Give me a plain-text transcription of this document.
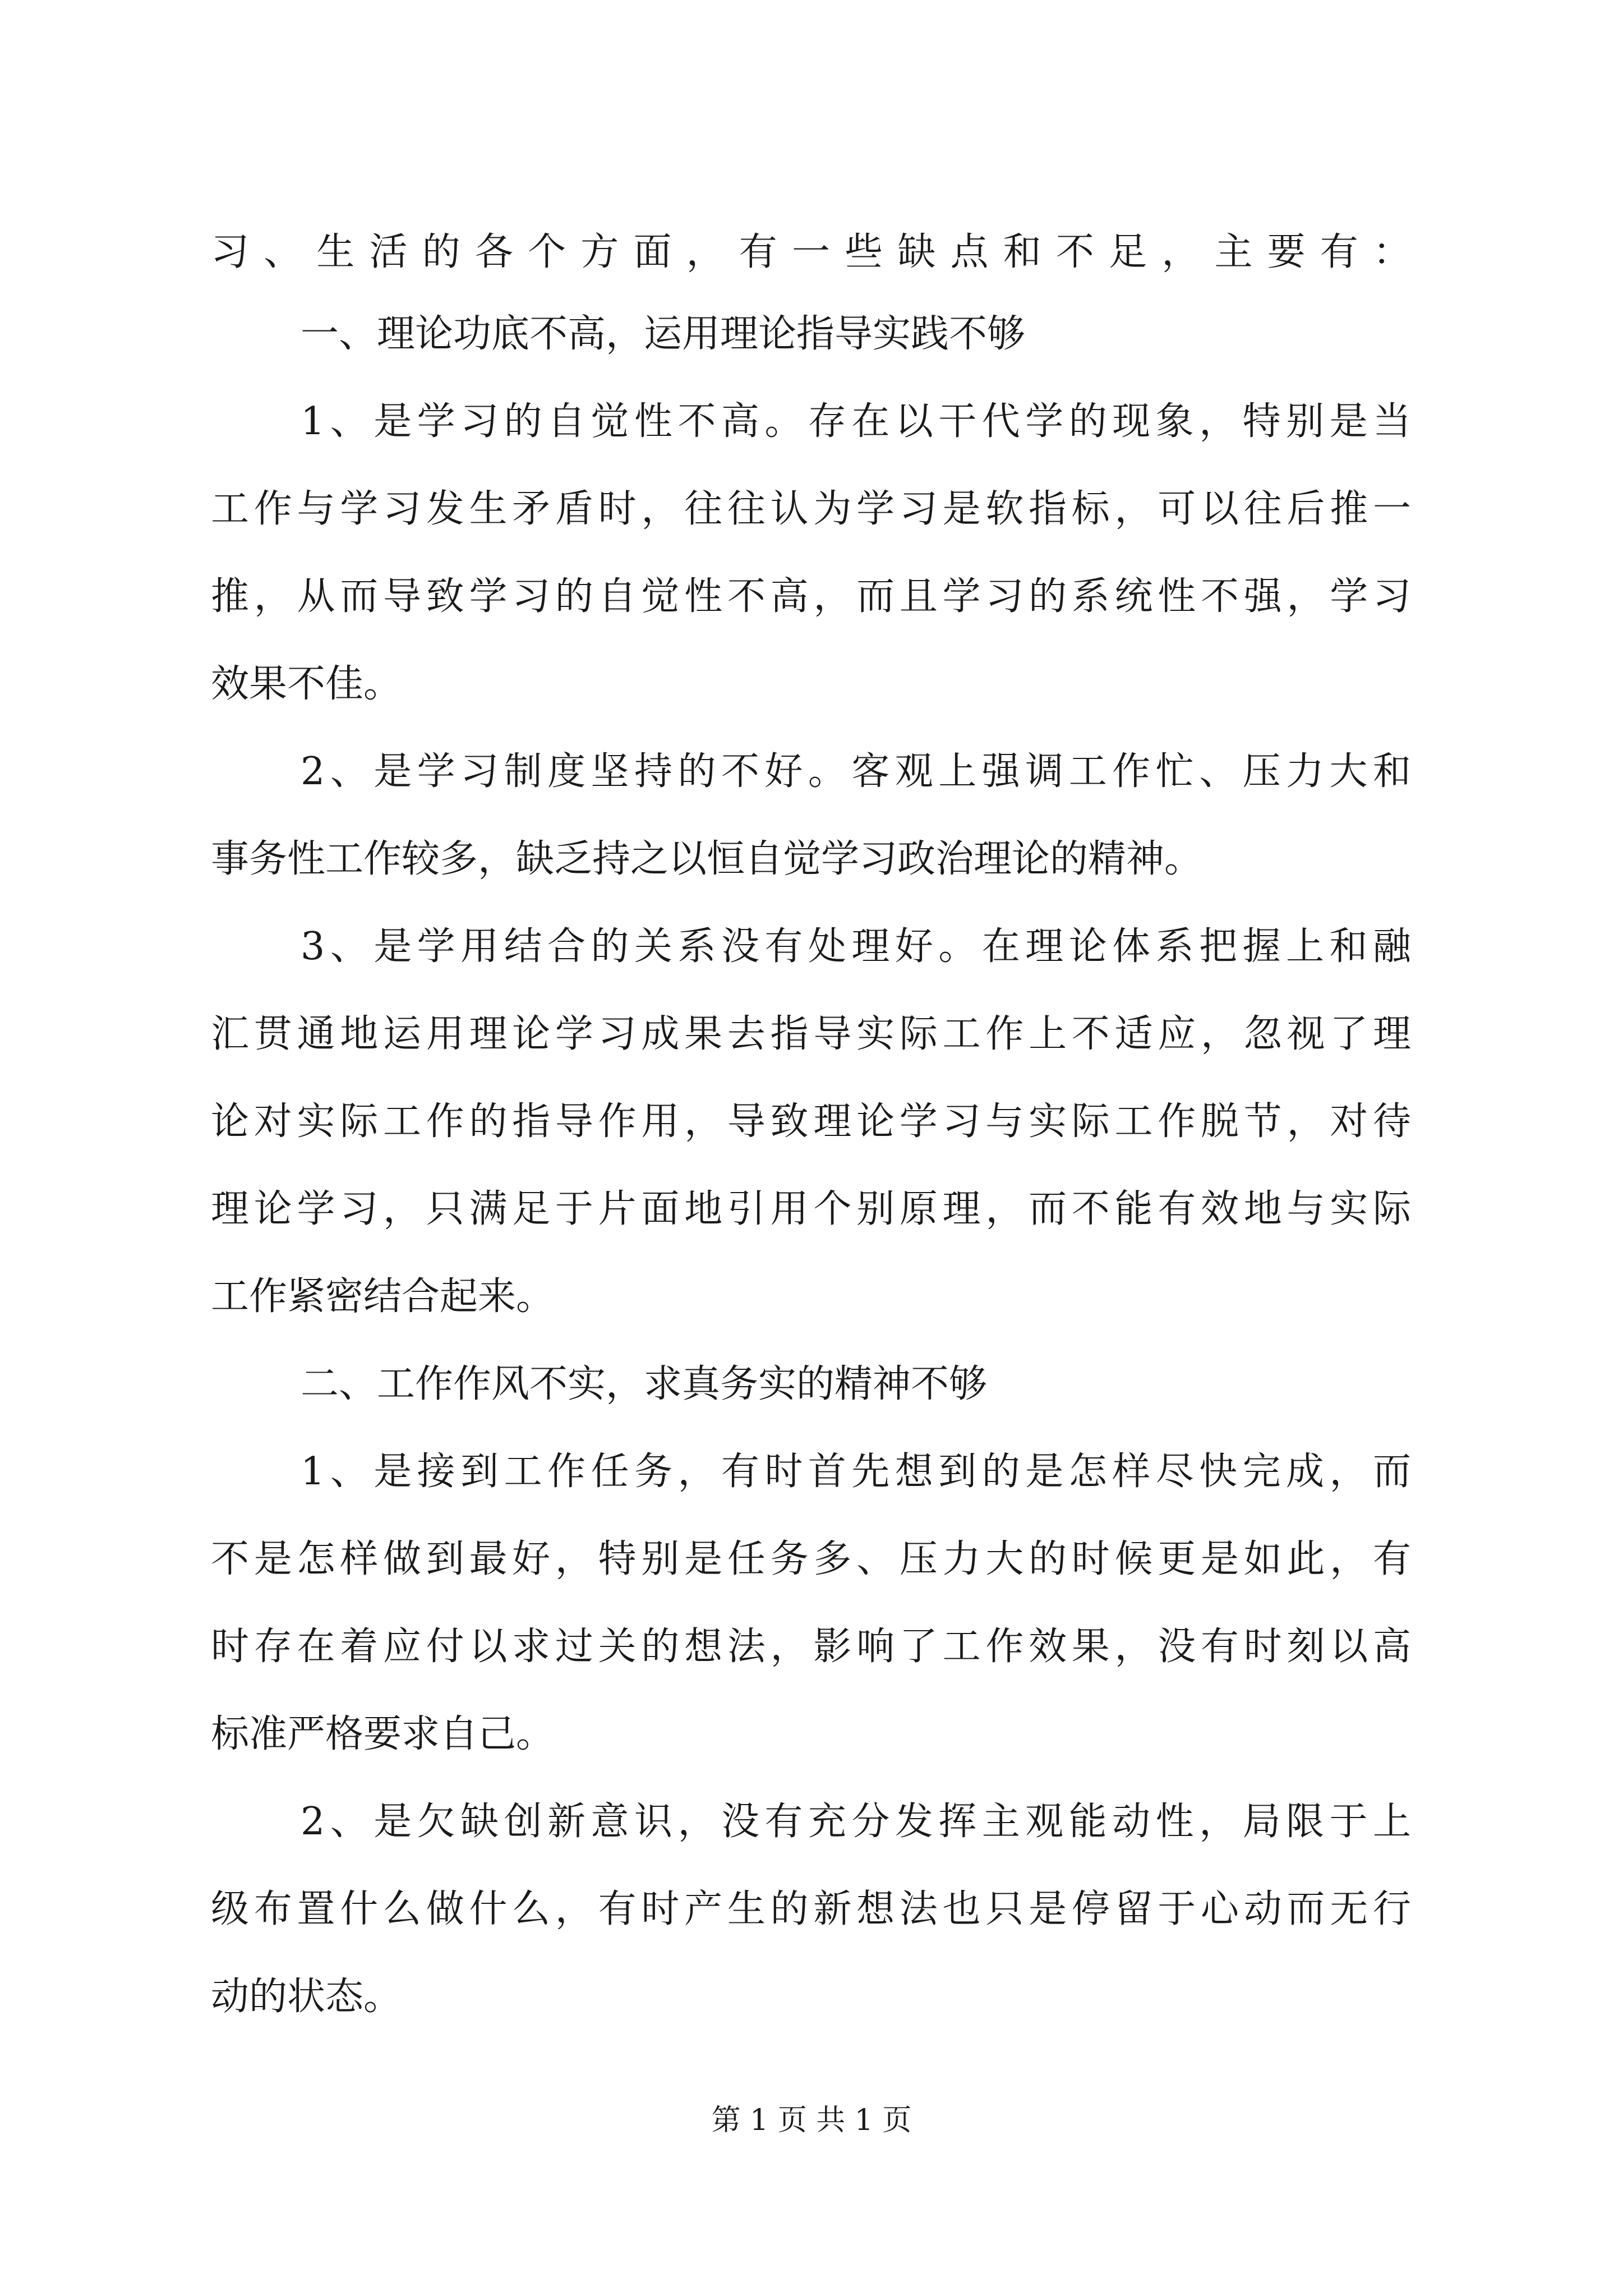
习、生活的各个方面，有一些缺点和不足，主要有：
一、理论功底不高，运用理论指导实践不够
1、是学习的自觉性不高。存在以干代学的现象，特别是当
工作与学习发生矛盾时，往往认为学习是软指标，可以往后推一
推，从而导致学习的自觉性不高，而且学习的系统性不强，学习
效果不佳。
2、是学习制度坚持的不好。客观上强调工作忙、压力大和
事务性工作较多，缺乏持之以恒自觉学习政治理论的精神。
3、是学用结合的关系没有处理好。在理论体系把握上和融
汇贯通地运用理论学习成果去指导实际工作上不适应，忽视了理
论对实际工作的指导作用，导致理论学习与实际工作脱节，对待
理论学习，只满足于片面地引用个别原理，而不能有效地与实际
工作紧密结合起来。
二、工作作风不实，求真务实的精神不够
1、是接到工作任务，有时首先想到的是怎样尽快完成，而
不是怎样做到最好，特别是任务多、压力大的时候更是如此，有
时存在着应付以求过关的想法，影响了工作效果，没有时刻以高
标准严格要求自己。
2、是欠缺创新意识，没有充分发挥主观能动性，局限于上
级布置什么做什么，有时产生的新想法也只是停留于心动而无行
动的状态。
第 1 页 共 1 页
